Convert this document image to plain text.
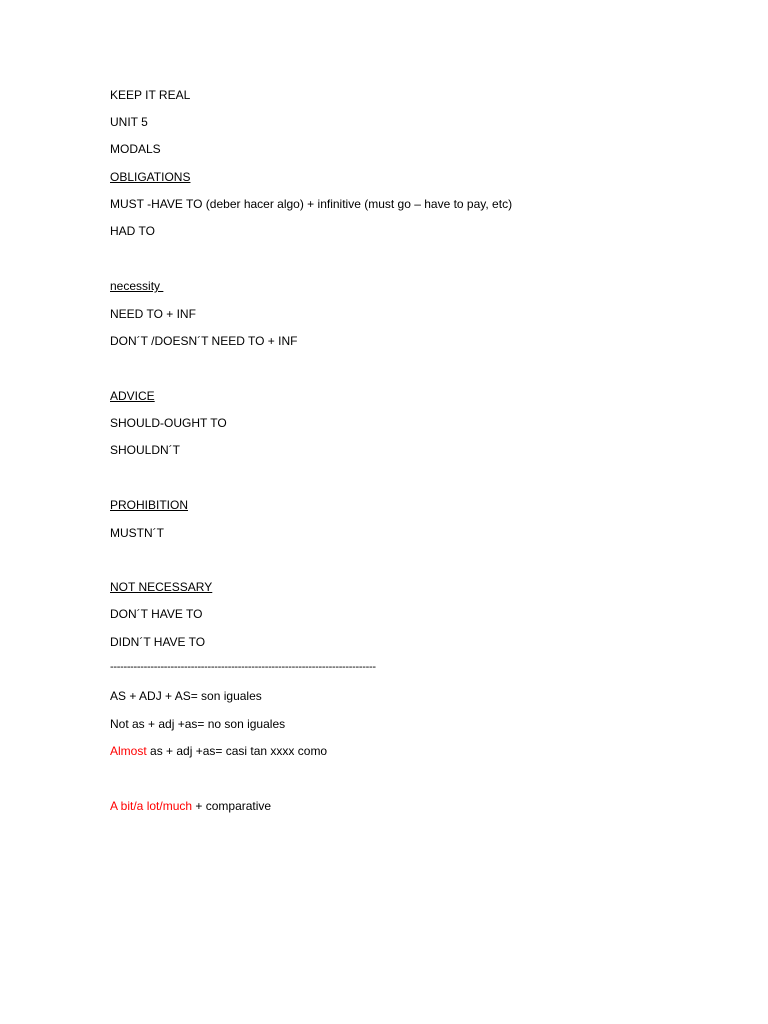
KEEP IT REAL
UNIT 5
MODALS
OBLIGATIONS
MUST -HAVE TO (deber hacer algo) + infinitive (must go – have to pay, etc)
HAD TO
necessity
NEED TO + INF
DON´T /DOESN´T NEED TO + INF
ADVICE
SHOULD-OUGHT TO
SHOULDN´T
PROHIBITION
MUSTN´T
NOT NECESSARY
DON´T HAVE TO
DIDN´T HAVE TO
-------------------------------------------------------------------------------
AS + ADJ + AS= son iguales
Not as + adj +as= no son iguales
Almost as + adj +as= casi tan xxxx como
A bit/a lot/much + comparative
